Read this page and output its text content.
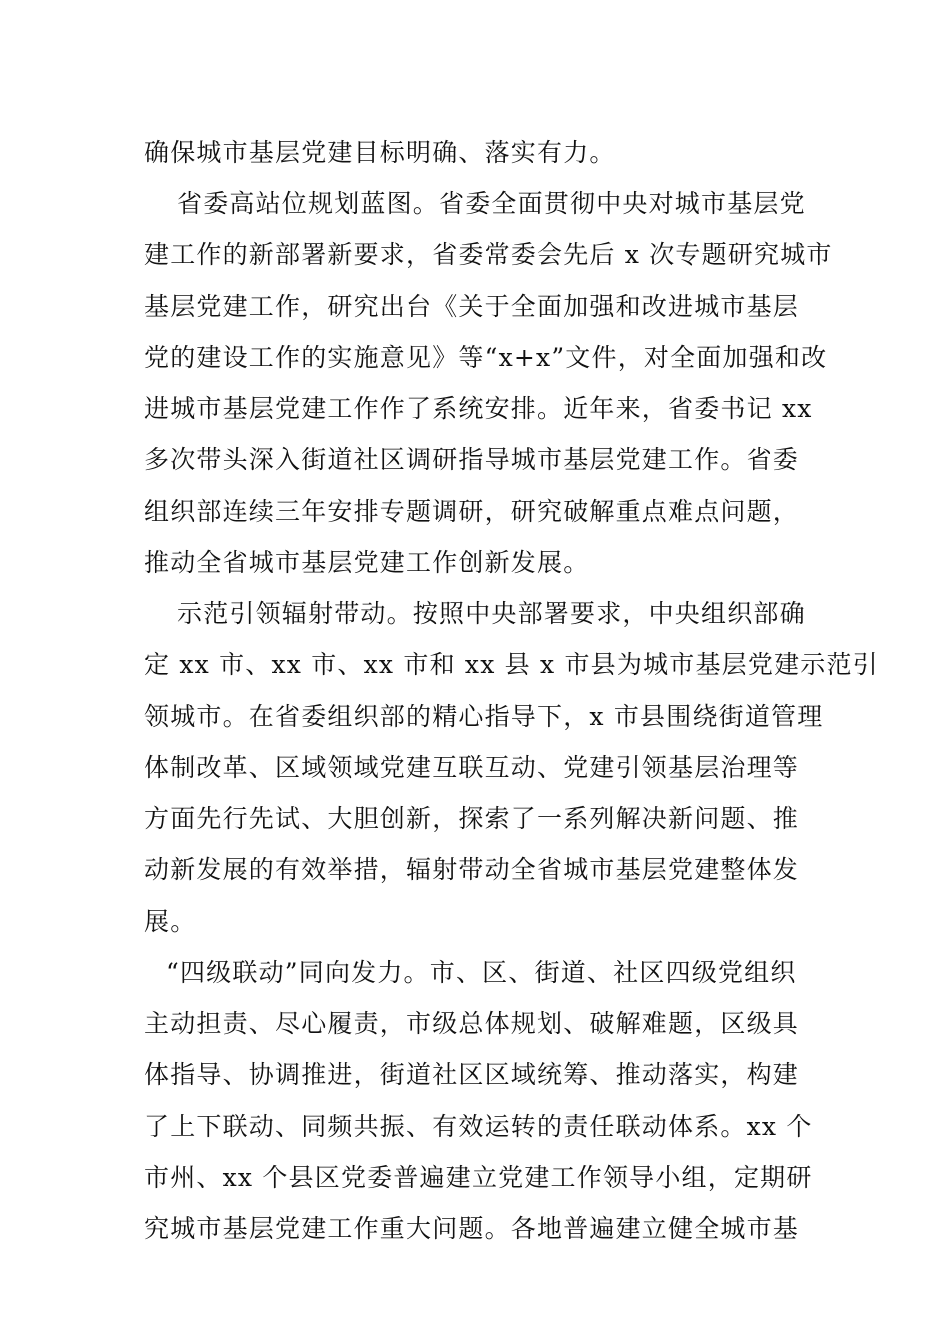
确保城市基层党建目标明确、落实有力。
省委高站位规划蓝图。省委全面贯彻中央对城市基层党
建工作的新部署新要求，省委常委会先后 x 次专题研究城市
基层党建工作，研究出台《关于全面加强和改进城市基层
党的建设工作的实施意见》等“x+x”文件，对全面加强和改
进城市基层党建工作作了系统安排。近年来，省委书记 xx
多次带头深入街道社区调研指导城市基层党建工作。省委
组织部连续三年安排专题调研，研究破解重点难点问题，
推动全省城市基层党建工作创新发展。
示范引领辐射带动。按照中央部署要求，中央组织部确
定 xx 市、xx 市、xx 市和 xx 县 x 市县为城市基层党建示范引
领城市。在省委组织部的精心指导下，x 市县围绕街道管理
体制改革、区域领域党建互联互动、党建引领基层治理等
方面先行先试、大胆创新，探索了一系列解决新问题、推
动新发展的有效举措，辐射带动全省城市基层党建整体发
展。
“四级联动”同向发力。市、区、街道、社区四级党组织
主动担责、尽心履责，市级总体规划、破解难题，区级具
体指导、协调推进，街道社区区域统筹、推动落实，构建
了上下联动、同频共振、有效运转的责任联动体系。xx 个
市州、xx 个县区党委普遍建立党建工作领导小组，定期研
究城市基层党建工作重大问题。各地普遍建立健全城市基
